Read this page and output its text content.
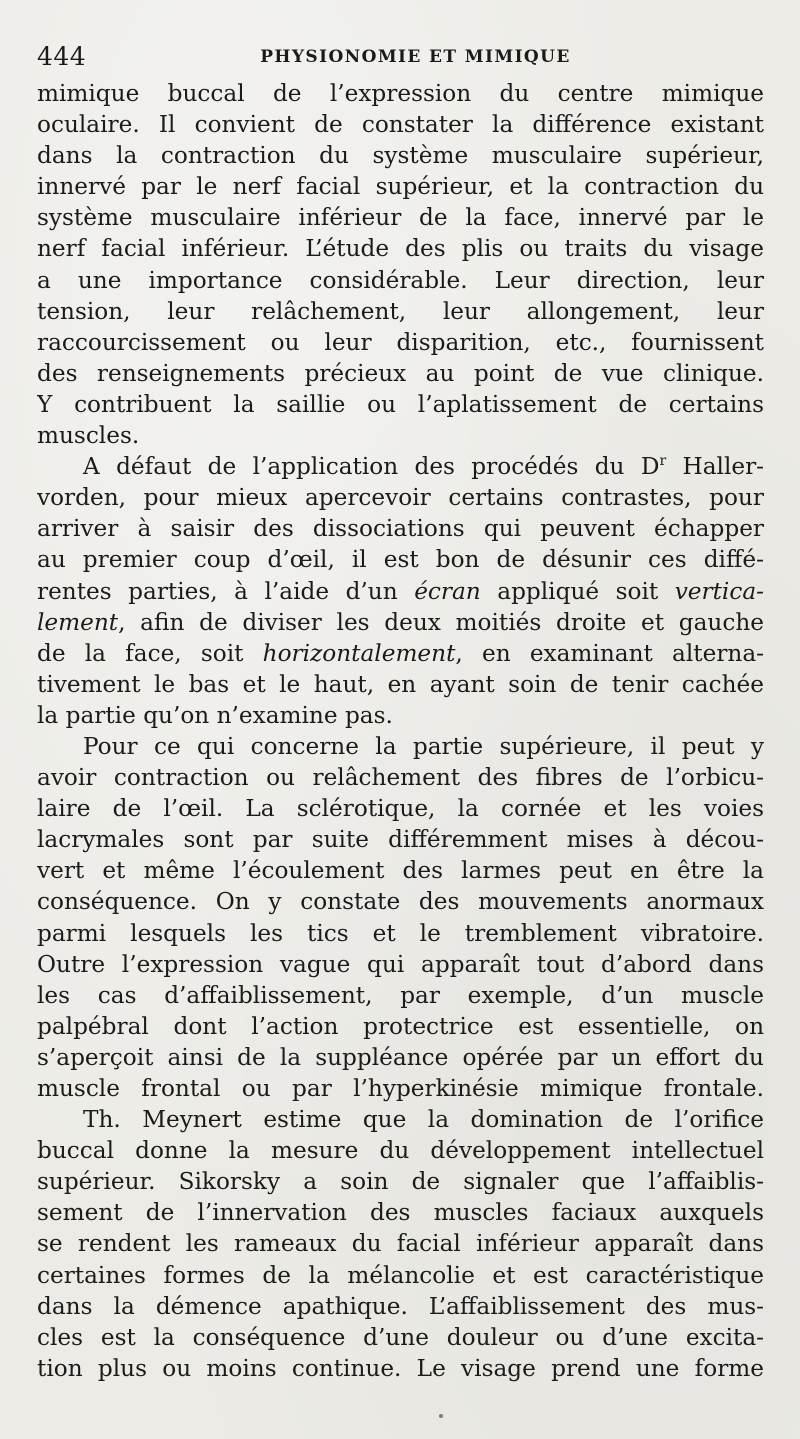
444	PHYSIONOMIE ET MIMIQUE
mimique buccal de l’expression du centre mimique
oculaire. Il convient de constater la différence existant
dans la contraction du système musculaire supérieur,
innervé par le nerf facial supérieur, et la contraction du
système musculaire inférieur de la face, innervé par le
nerf facial inférieur. L’étude des plis ou traits du visage
a une importance considérable. Leur direction, leur
tension, leur relâchement, leur allongement, leur
raccourcissement ou leur disparition, etc., fournissent
des renseignements précieux au point de vue clinique.
Y contribuent la saillie ou l’aplatissement de certains
muscles.
A défaut de l’application des procédés du $D^r$ Haller-
vorden, pour mieux apercevoir certains contrastes, pour
arriver à saisir des dissociations qui peuvent échapper
au premier coup d’œil, il est bon de désunir ces diffé-
rentes parties, à l’aide d’un écran appliqué soit vertica-
lement, afin de diviser les deux moitiés droite et gauche
de la face, soit horizontalement, en examinant alterna-
tivement le bas et le haut, en ayant soin de tenir cachée
la partie qu’on n’examine pas.
Pour ce qui concerne la partie supérieure, il peut y
avoir contraction ou relâchement des fibres de l’orbicu-
laire de l’œil. La sclérotique, la cornée et les voies
lacrymales sont par suite différemment mises à décou-
vert et même l’écoulement des larmes peut en être la
conséquence. On y constate des mouvements anormaux
parmi lesquels les tics et le tremblement vibratoire.
Outre l’expression vague qui apparaît tout d’abord dans
les cas d’affaiblissement, par exemple, d’un muscle
palpébral dont l’action protectrice est essentielle, on
s’aperçoit ainsi de la suppléance opérée par un effort du
muscle frontal ou par l’hyperkinésie mimique frontale.
Th. Meynert estime que la domination de l’orifice
buccal donne la mesure du développement intellectuel
supérieur. Sikorsky a soin de signaler que l’affaiblis-
sement de l’innervation des muscles faciaux auxquels
se rendent les rameaux du facial inférieur apparaît dans
certaines formes de la mélancolie et est caractéristique
dans la démence apathique. L’affaiblissement des mus-
cles est la conséquence d’une douleur ou d’une excita-
tion plus ou moins continue. Le visage prend une forme
